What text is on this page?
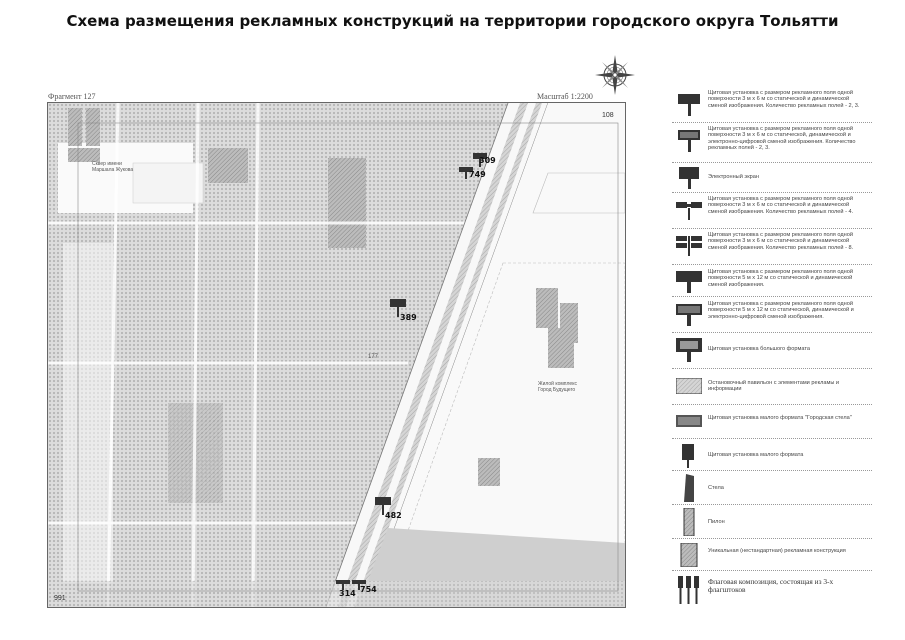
Схема размещения рекламных конструкций на территории городского округа Тольятти
Фрагмент 127	Масштаб 1:2200
108
991
Сквер имени Маршала Жукова
Жилой комплекс Город Будущего
177
309
749
389
482
314 754
Щитовая установка с размером рекламного поля одной поверхности 3 м х 6 м со статической и динамической сменой изображения. Количество рекламных полей - 2, 3.
Щитовая установка с размером рекламного поля одной поверхности 3 м х 6 м со статической, динамической и электронно-цифровой сменой изображения. Количество рекламных полей - 2, 3.
Электронный экран
Щитовая установка с размером рекламного поля одной поверхности 3 м х 6 м со статической и динамической сменой изображения. Количество рекламных полей - 4.
Щитовая установка с размером рекламного поля одной поверхности 3 м х 6 м со статической и динамической сменой изображения. Количество рекламных полей - 8.
Щитовая установка с размером рекламного поля одной поверхности 5 м х 12 м со статической и динамической сменой изображения.
Щитовая установка с размером рекламного поля одной поверхности 5 м х 12 м со статической, динамической и электронно-цифровой сменой изображения.
Щитовая установка большого формата
Остановочный павильон с элементами рекламы и информации
Щитовая установка малого формата "Городская стела"
Щитовая установка малого формата
Стела
Пилон
Уникальная (нестандартная) рекламная конструкция
Флаговая композиция, состоящая из 3-х флагштоков
